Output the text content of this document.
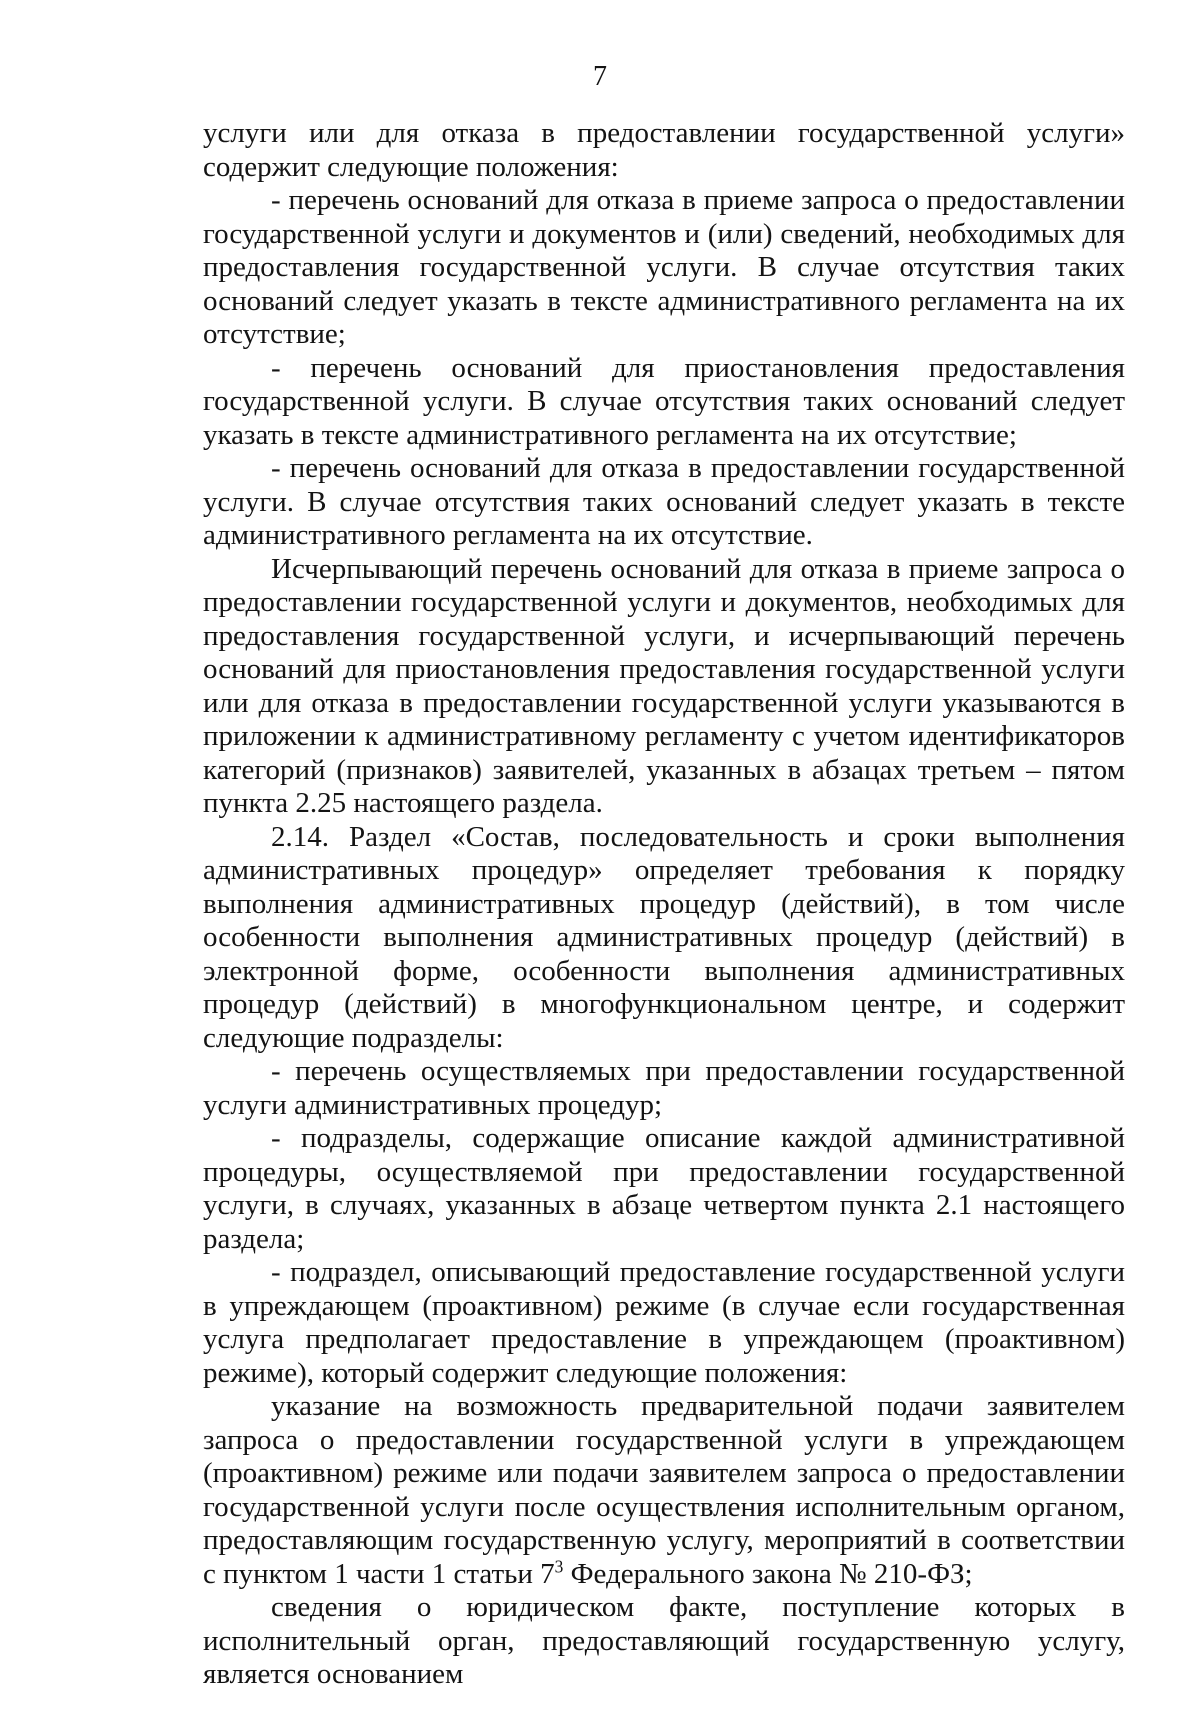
7

услуги или для отказа в предоставлении государственной услуги» содержит следующие положения:

- перечень оснований для отказа в приеме запроса о предоставлении государственной услуги и документов и (или) сведений, необходимых для предоставления государственной услуги. В случае отсутствия таких оснований следует указать в тексте административного регламента на их отсутствие;

- перечень оснований для приостановления предоставления государственной услуги. В случае отсутствия таких оснований следует указать в тексте административного регламента на их отсутствие;

- перечень оснований для отказа в предоставлении государственной услуги. В случае отсутствия таких оснований следует указать в тексте административного регламента на их отсутствие.

Исчерпывающий перечень оснований для отказа в приеме запроса о предоставлении государственной услуги и документов, необходимых для предоставления государственной услуги, и исчерпывающий перечень оснований для приостановления предоставления государственной услуги или для отказа в предоставлении государственной услуги указываются в приложении к административному регламенту с учетом идентификаторов категорий (признаков) заявителей, указанных в абзацах третьем – пятом пункта 2.25 настоящего раздела.

2.14. Раздел «Состав, последовательность и сроки выполнения административных процедур» определяет требования к порядку выполнения административных процедур (действий), в том числе особенности выполнения административных процедур (действий) в электронной форме, особенности выполнения административных процедур (действий) в многофункциональном центре, и содержит следующие подразделы:

- перечень осуществляемых при предоставлении государственной услуги административных процедур;

- подразделы, содержащие описание каждой административной процедуры, осуществляемой при предоставлении государственной услуги, в случаях, указанных в абзаце четвертом пункта 2.1 настоящего раздела;

- подраздел, описывающий предоставление государственной услуги в упреждающем (проактивном) режиме (в случае если государственная услуга предполагает предоставление в упреждающем (проактивном) режиме), который содержит следующие положения:

указание на возможность предварительной подачи заявителем запроса о предоставлении государственной услуги в упреждающем (проактивном) режиме или подачи заявителем запроса о предоставлении государственной услуги после осуществления исполнительным органом, предоставляющим государственную услугу, мероприятий в соответствии с пунктом 1 части 1 статьи $7^3$ Федерального закона № 210-ФЗ;

сведения о юридическом факте, поступление которых в исполнительный орган, предоставляющий государственную услугу, является основанием
